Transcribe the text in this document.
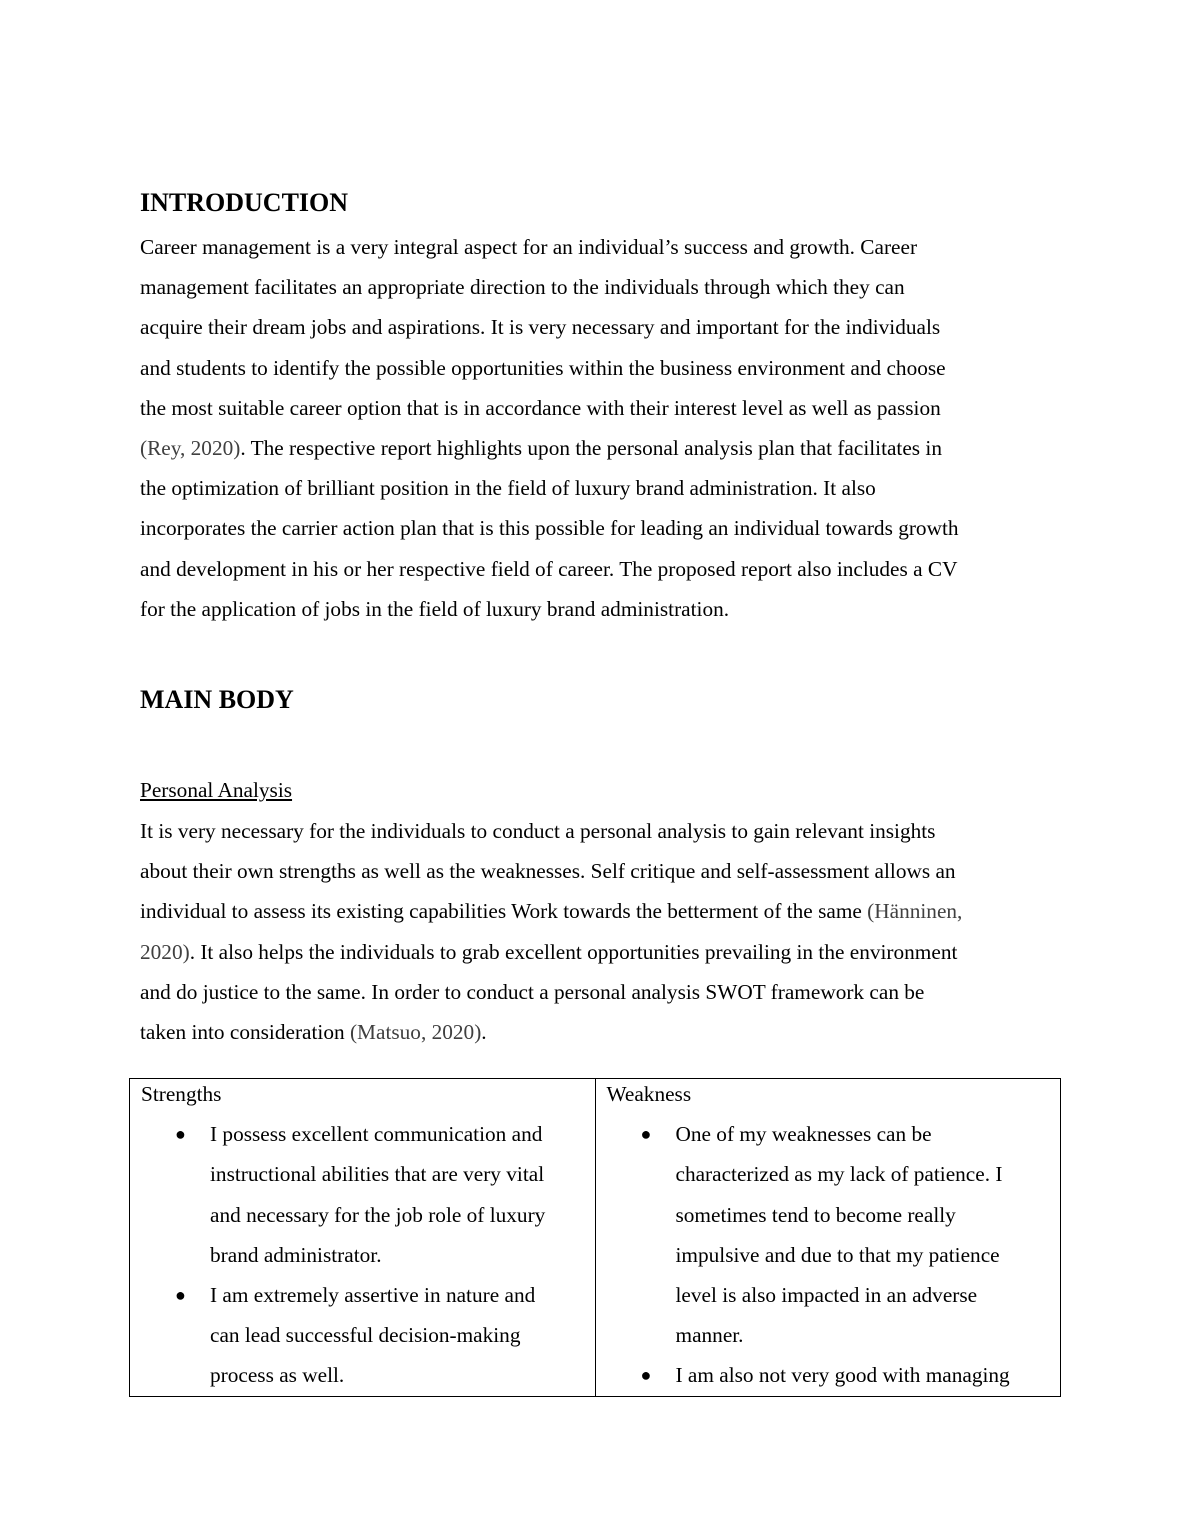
INTRODUCTION
Career management is a very integral aspect for an individual’s success and growth. Career
management facilitates an appropriate direction to the individuals through which they can
acquire their dream jobs and aspirations. It is very necessary and important for the individuals
and students to identify the possible opportunities within the business environment and choose
the most suitable career option that is in accordance with their interest level as well as passion
(Rey, 2020). The respective report highlights upon the personal analysis plan that facilitates in
the optimization of brilliant position in the field of luxury brand administration. It also
incorporates the carrier action plan that is this possible for leading an individual towards growth
and development in his or her respective field of career. The proposed report also includes a CV
for the application of jobs in the field of luxury brand administration.
MAIN BODY
Personal Analysis
It is very necessary for the individuals to conduct a personal analysis to gain relevant insights
about their own strengths as well as the weaknesses. Self critique and self-assessment allows an
individual to assess its existing capabilities Work towards the betterment of the same (Hänninen,
2020). It also helps the individuals to grab excellent opportunities prevailing in the environment
and do justice to the same. In order to conduct a personal analysis SWOT framework can be
taken into consideration (Matsuo, 2020).
Strengths
● I possess excellent communication and
instructional abilities that are very vital
and necessary for the job role of luxury
brand administrator.
● I am extremely assertive in nature and
can lead successful decision-making
process as well.

Weakness
● One of my weaknesses can be
characterized as my lack of patience. I
sometimes tend to become really
impulsive and due to that my patience
level is also impacted in an adverse
manner.
● I am also not very good with managing
